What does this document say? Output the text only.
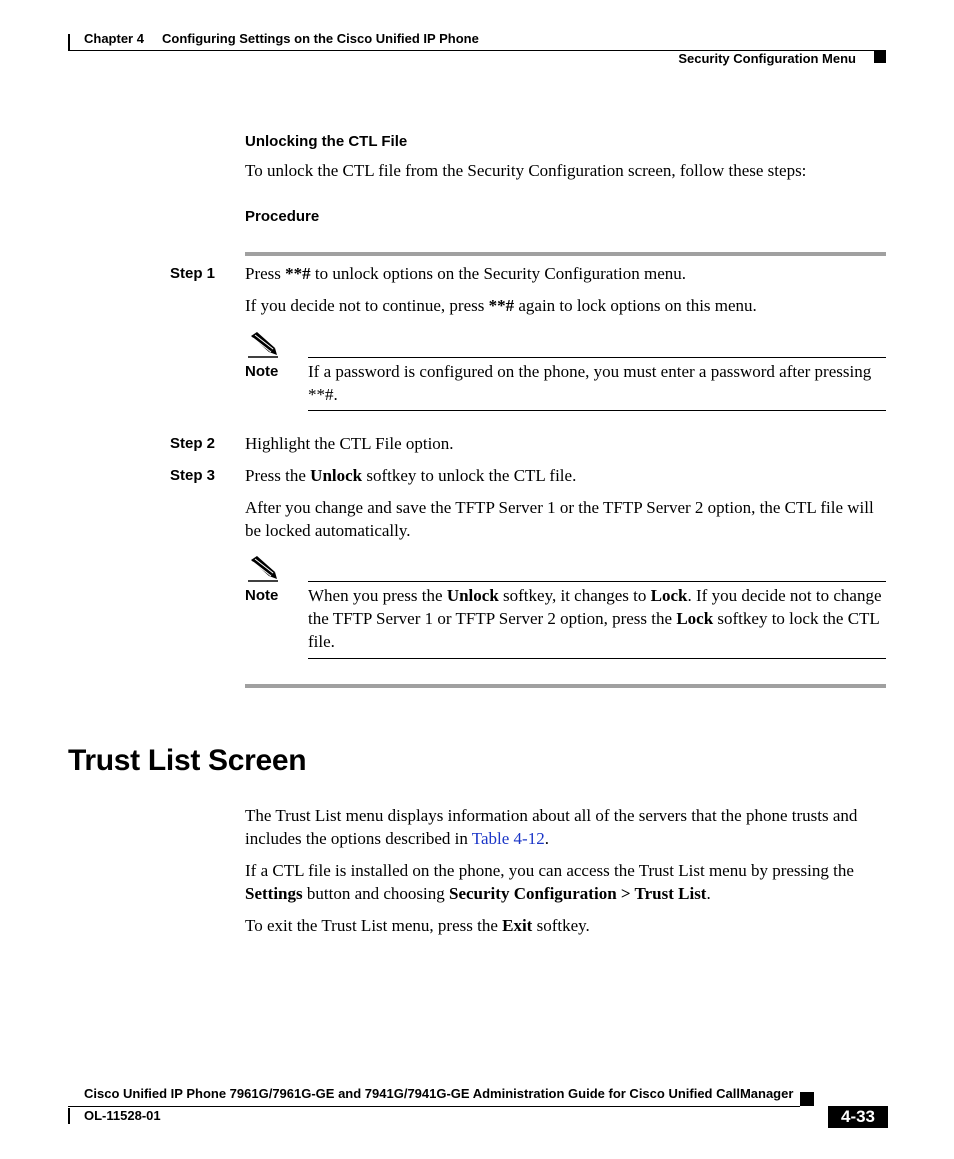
Chapter 4 Configuring Settings on the Cisco Unified IP Phone
Security Configuration Menu
Unlocking the CTL File
To unlock the CTL file from the Security Configuration screen, follow these steps:
Procedure
Step 1 Press **# to unlock options on the Security Configuration menu.
If you decide not to continue, press **# again to lock options on this menu.
Note If a password is configured on the phone, you must enter a password after pressing **#.
Step 2 Highlight the CTL File option.
Step 3 Press the Unlock softkey to unlock the CTL file.
After you change and save the TFTP Server 1 or the TFTP Server 2 option, the CTL file will be locked automatically.
Note When you press the Unlock softkey, it changes to Lock. If you decide not to change the TFTP Server 1 or TFTP Server 2 option, press the Lock softkey to lock the CTL file.
Trust List Screen
The Trust List menu displays information about all of the servers that the phone trusts and includes the options described in Table 4-12.
If a CTL file is installed on the phone, you can access the Trust List menu by pressing the Settings button and choosing Security Configuration > Trust List.
To exit the Trust List menu, press the Exit softkey.
Cisco Unified IP Phone 7961G/7961G-GE and 7941G/7941G-GE Administration Guide for Cisco Unified CallManager
OL-11528-01	4-33
